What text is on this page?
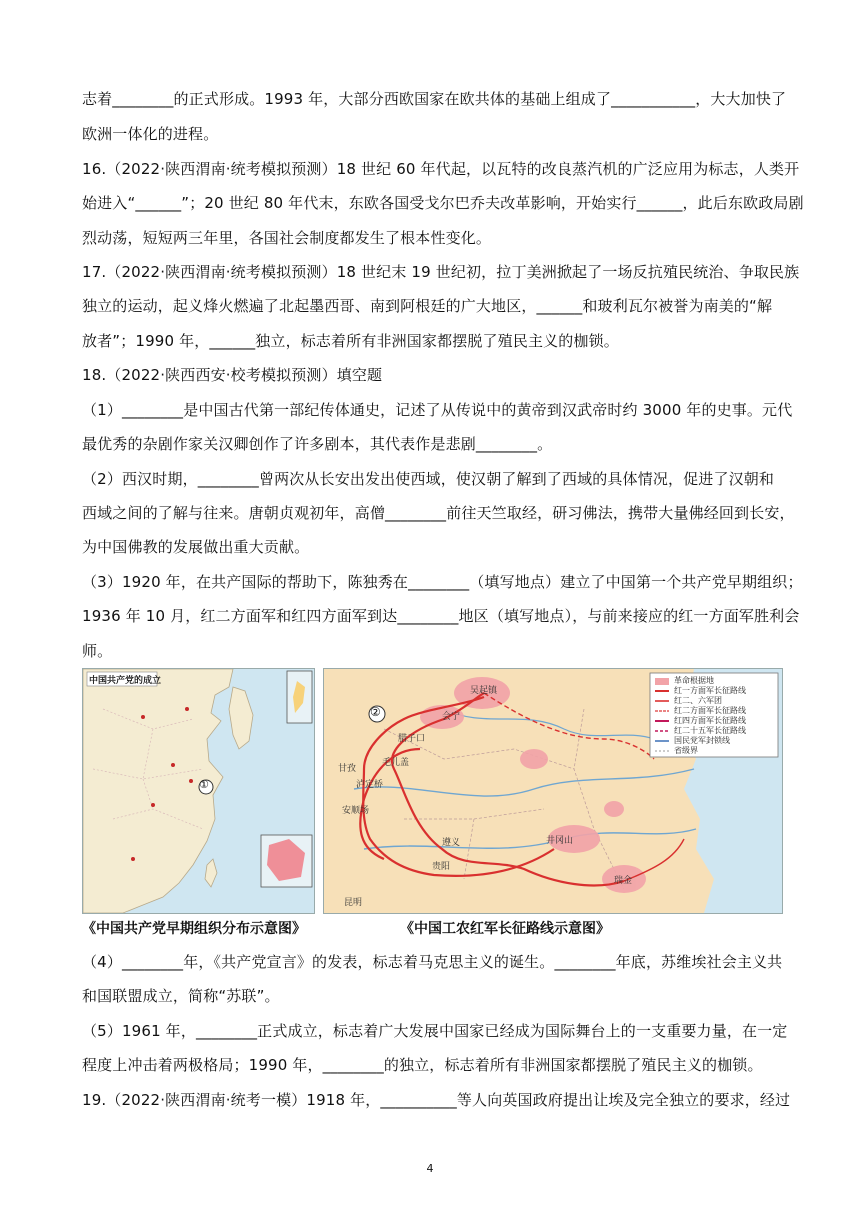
志着________的正式形成。1993 年，大部分西欧国家在欧共体的基础上组成了___________，大大加快了
欧洲一体化的进程。
16.（2022·陕西渭南·统考模拟预测）18 世纪 60 年代起，以瓦特的改良蒸汽机的广泛应用为标志，人类开
始进入“______”；20 世纪 80 年代末，东欧各国受戈尔巴乔夫改革影响，开始实行______，此后东欧政局剧
烈动荡，短短两三年里，各国社会制度都发生了根本性变化。
17.（2022·陕西渭南·统考模拟预测）18 世纪末 19 世纪初，拉丁美洲掀起了一场反抗殖民统治、争取民族
独立的运动，起义烽火燃遍了北起墨西哥、南到阿根廷的广大地区，______和玻利瓦尔被誉为南美的“解
放者”；1990 年，______独立，标志着所有非洲国家都摆脱了殖民主义的枷锁。
18.（2022·陕西西安·校考模拟预测）填空题
（1）________是中国古代第一部纪传体通史，记述了从传说中的黄帝到汉武帝时约 3000 年的史事。元代
最优秀的杂剧作家关汉卿创作了许多剧本，其代表作是悲剧________。
（2）西汉时期，________曾两次从长安出发出使西域，使汉朝了解到了西域的具体情况，促进了汉朝和
西域之间的了解与往来。唐朝贞观初年，高僧________前往天竺取经，研习佛法，携带大量佛经回到长安，
为中国佛教的发展做出重大贡献。
（3）1920 年，在共产国际的帮助下，陈独秀在________（填写地点）建立了中国第一个共产党早期组织；
1936 年 10 月，红二方面军和红四方面军到达________地区（填写地点），与前来接应的红一方面军胜利会
师。
中国共产党的成立
①
革命根据地
红一方面军长征路线
红二、六军团
红二方面军长征路线
红四方面军长征路线
红二十五军长征路线
国民党军封锁线
省级界
②
吴起镇
腊子口
甘孜
安顺场
毛儿盖
泸定桥
遵义
贵阳
昆明
井冈山
瑞金
会宁
《中国共产党早期组织分布示意图》	《中国工农红军长征路线示意图》
（4）________年，《共产党宣言》的发表，标志着马克思主义的诞生。________年底，苏维埃社会主义共
和国联盟成立，简称“苏联”。
（5）1961 年，________正式成立，标志着广大发展中国家已经成为国际舞台上的一支重要力量，在一定
程度上冲击着两极格局；1990 年，________的独立，标志着所有非洲国家都摆脱了殖民主义的枷锁。
19.（2022·陕西渭南·统考一模）1918 年，__________等人向英国政府提出让埃及完全独立的要求，经过
4
